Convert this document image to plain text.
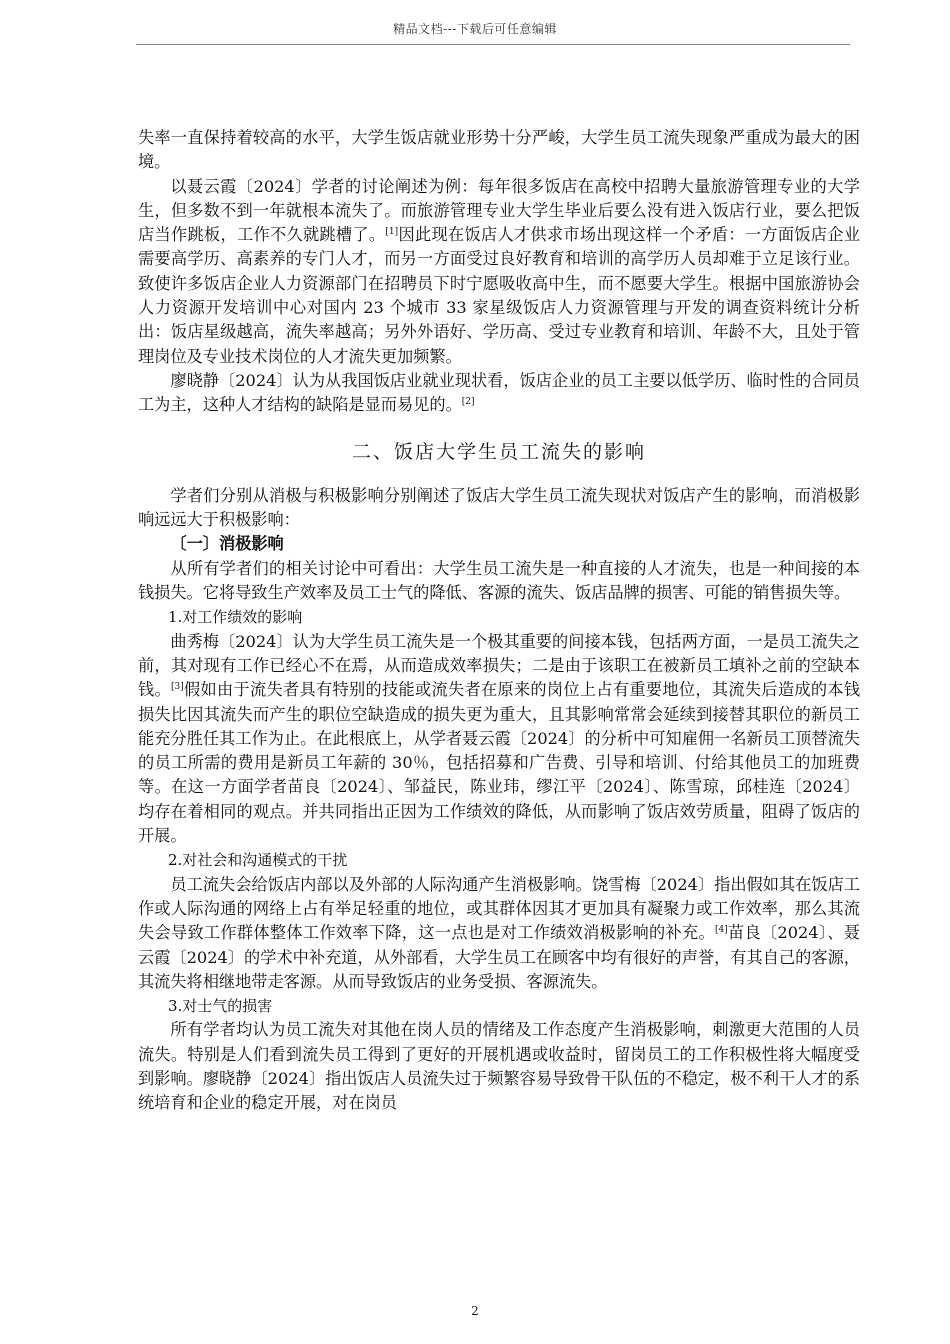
精品文档---下载后可任意编辑

失率一直保持着较高的水平，大学生饭店就业形势十分严峻，大学生员工流失现象严重成为最大的困境。

以聂云霞〔2024〕学者的讨论阐述为例：每年很多饭店在高校中招聘大量旅游管理专业的大学生，但多数不到一年就根本流失了。而旅游管理专业大学生毕业后要么没有进入饭店行业，要么把饭店当作跳板，工作不久就跳槽了。[1]因此现在饭店人才供求市场出现这样一个矛盾：一方面饭店企业需要高学历、高素养的专门人才，而另一方面受过良好教育和培训的高学历人员却难于立足该行业。致使许多饭店企业人力资源部门在招聘员下时宁愿吸收高中生，而不愿要大学生。根据中国旅游协会人力资源开发培训中心对国内 23 个城市 33 家星级饭店人力资源管理与开发的调查资料统计分析出：饭店星级越高，流失率越高；另外外语好、学历高、受过专业教育和培训、年龄不大，且处于管理岗位及专业技术岗位的人才流失更加频繁。

廖晓静〔2024〕认为从我国饭店业就业现状看，饭店企业的员工主要以低学历、临时性的合同员工为主，这种人才结构的缺陷是显而易见的。[2]

二、饭店大学生员工流失的影响

学者们分别从消极与积极影响分别阐述了饭店大学生员工流失现状对饭店产生的影响，而消极影响远远大于积极影响：

〔一〕消极影响

从所有学者们的相关讨论中可看出：大学生员工流失是一种直接的人才流失，也是一种间接的本钱损失。它将导致生产效率及员工士气的降低、客源的流失、饭店品牌的损害、可能的销售损失等。

1.对工作绩效的影响

曲秀梅〔2024〕认为大学生员工流失是一个极其重要的间接本钱，包括两方面，一是员工流失之前，其对现有工作已经心不在焉，从而造成效率损失；二是由于该职工在被新员工填补之前的空缺本钱。[3]假如由于流失者具有特别的技能或流失者在原来的岗位上占有重要地位，其流失后造成的本钱损失比因其流失而产生的职位空缺造成的损失更为重大，且其影响常常会延续到接替其职位的新员工能充分胜任其工作为止。在此根底上，从学者聂云霞〔2024〕的分析中可知雇佣一名新员工顶替流失的员工所需的费用是新员工年薪的 30％，包括招募和广告费、引导和培训、付给其他员工的加班费等。在这一方面学者苗良〔2024〕、邹益民，陈业玮，缪江平〔2024〕、陈雪琼，邱桂连〔2024〕均存在着相同的观点。并共同指出正因为工作绩效的降低，从而影响了饭店效劳质量，阻碍了饭店的开展。

2.对社会和沟通模式的干扰

员工流失会给饭店内部以及外部的人际沟通产生消极影响。饶雪梅〔2024〕指出假如其在饭店工作或人际沟通的网络上占有举足轻重的地位，或其群体因其才更加具有凝聚力或工作效率，那么其流失会导致工作群体整体工作效率下降，这一点也是对工作绩效消极影响的补充。[4]苗良〔2024〕、聂云霞〔2024〕的学术中补充道，从外部看，大学生员工在顾客中均有很好的声誉，有其自己的客源，其流失将相继地带走客源。从而导致饭店的业务受损、客源流失。

3.对士气的损害

所有学者均认为员工流失对其他在岗人员的情绪及工作态度产生消极影响，刺激更大范围的人员流失。特别是人们看到流失员工得到了更好的开展机遇或收益时，留岗员工的工作积极性将大幅度受到影响。廖晓静〔2024〕指出饭店人员流失过于频繁容易导致骨干队伍的不稳定，极不利干人才的系统培育和企业的稳定开展，对在岗员

2
